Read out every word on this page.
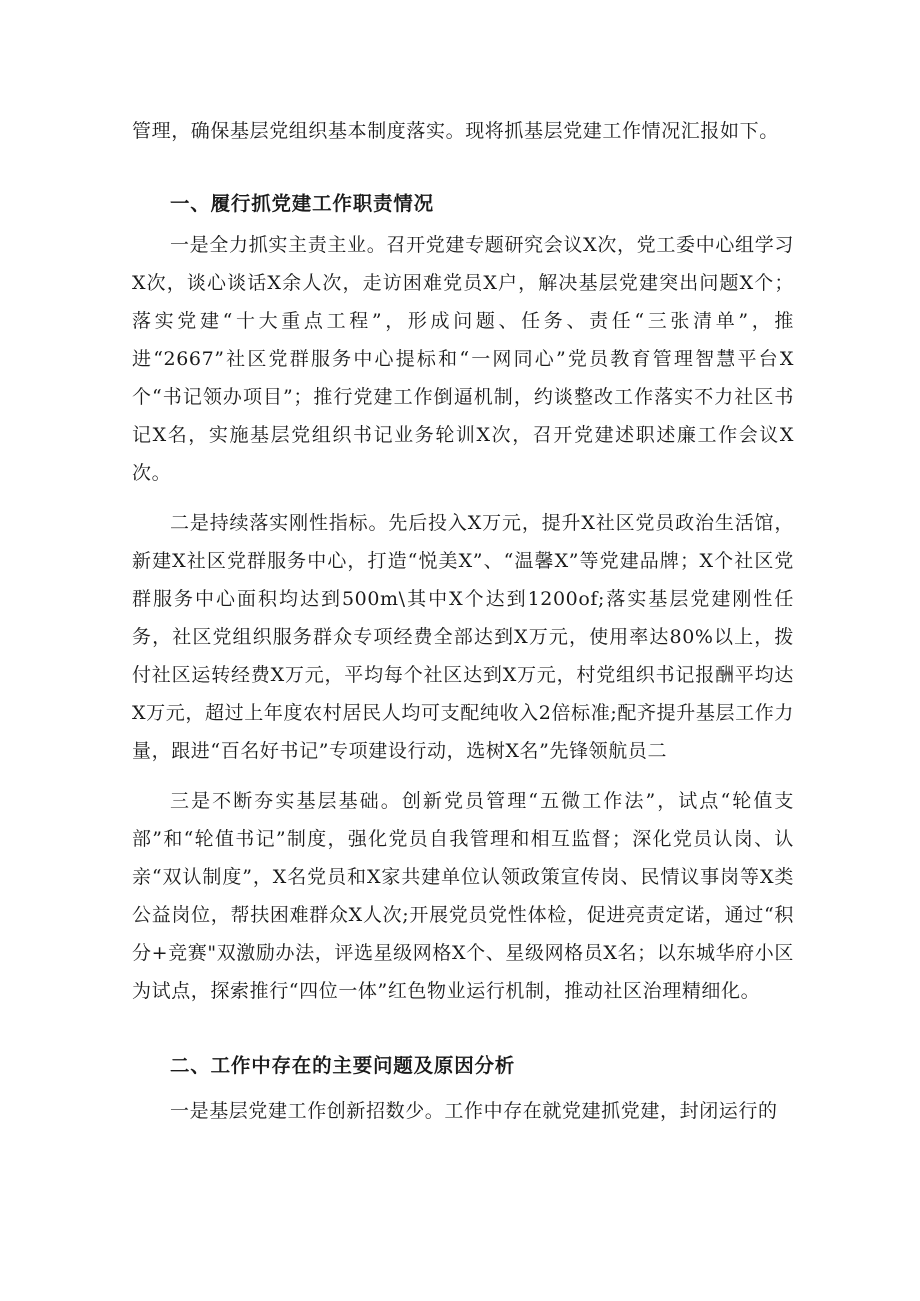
管理，确保基层党组织基本制度落实。现将抓基层党建工作情况汇报如下。

一、履行抓党建工作职责情况

一是全力抓实主责主业。召开党建专题研究会议X次，党工委中心组学习X次，谈心谈话X余人次，走访困难党员X户，解决基层党建突出问题X个；落实党建“十大重点工程”，形成问题、任务、责任“三张清单”，推进“2667”社区党群服务中心提标和“一网同心”党员教育管理智慧平台X个“书记领办项目”；推行党建工作倒逼机制，约谈整改工作落实不力社区书记X名，实施基层党组织书记业务轮训X次，召开党建述职述廉工作会议X次。

二是持续落实刚性指标。先后投入X万元，提升X社区党员政治生活馆，新建X社区党群服务中心，打造“悦美X”、“温馨X”等党建品牌；X个社区党群服务中心面积均达到500m\其中X个达到1200of;落实基层党建刚性任务，社区党组织服务群众专项经费全部达到X万元，使用率达80%以上，拨付社区运转经费X万元，平均每个社区达到X万元，村党组织书记报酬平均达X万元，超过上年度农村居民人均可支配纯收入2倍标准;配齐提升基层工作力量，跟进“百名好书记”专项建设行动，选树X名”先锋领航员二

三是不断夯实基层基础。创新党员管理“五微工作法”，试点“轮值支部”和“轮值书记”制度，强化党员自我管理和相互监督；深化党员认岗、认亲“双认制度”，X名党员和X家共建单位认领政策宣传岗、民情议事岗等X类公益岗位，帮扶困难群众X人次;开展党员党性体检，促进亮责定诺，通过“积分+竞赛"双激励办法，评选星级网格X个、星级网格员X名；以东城华府小区为试点，探索推行“四位一体”红色物业运行机制，推动社区治理精细化。

二、工作中存在的主要问题及原因分析

一是基层党建工作创新招数少。工作中存在就党建抓党建，封闭运行的
